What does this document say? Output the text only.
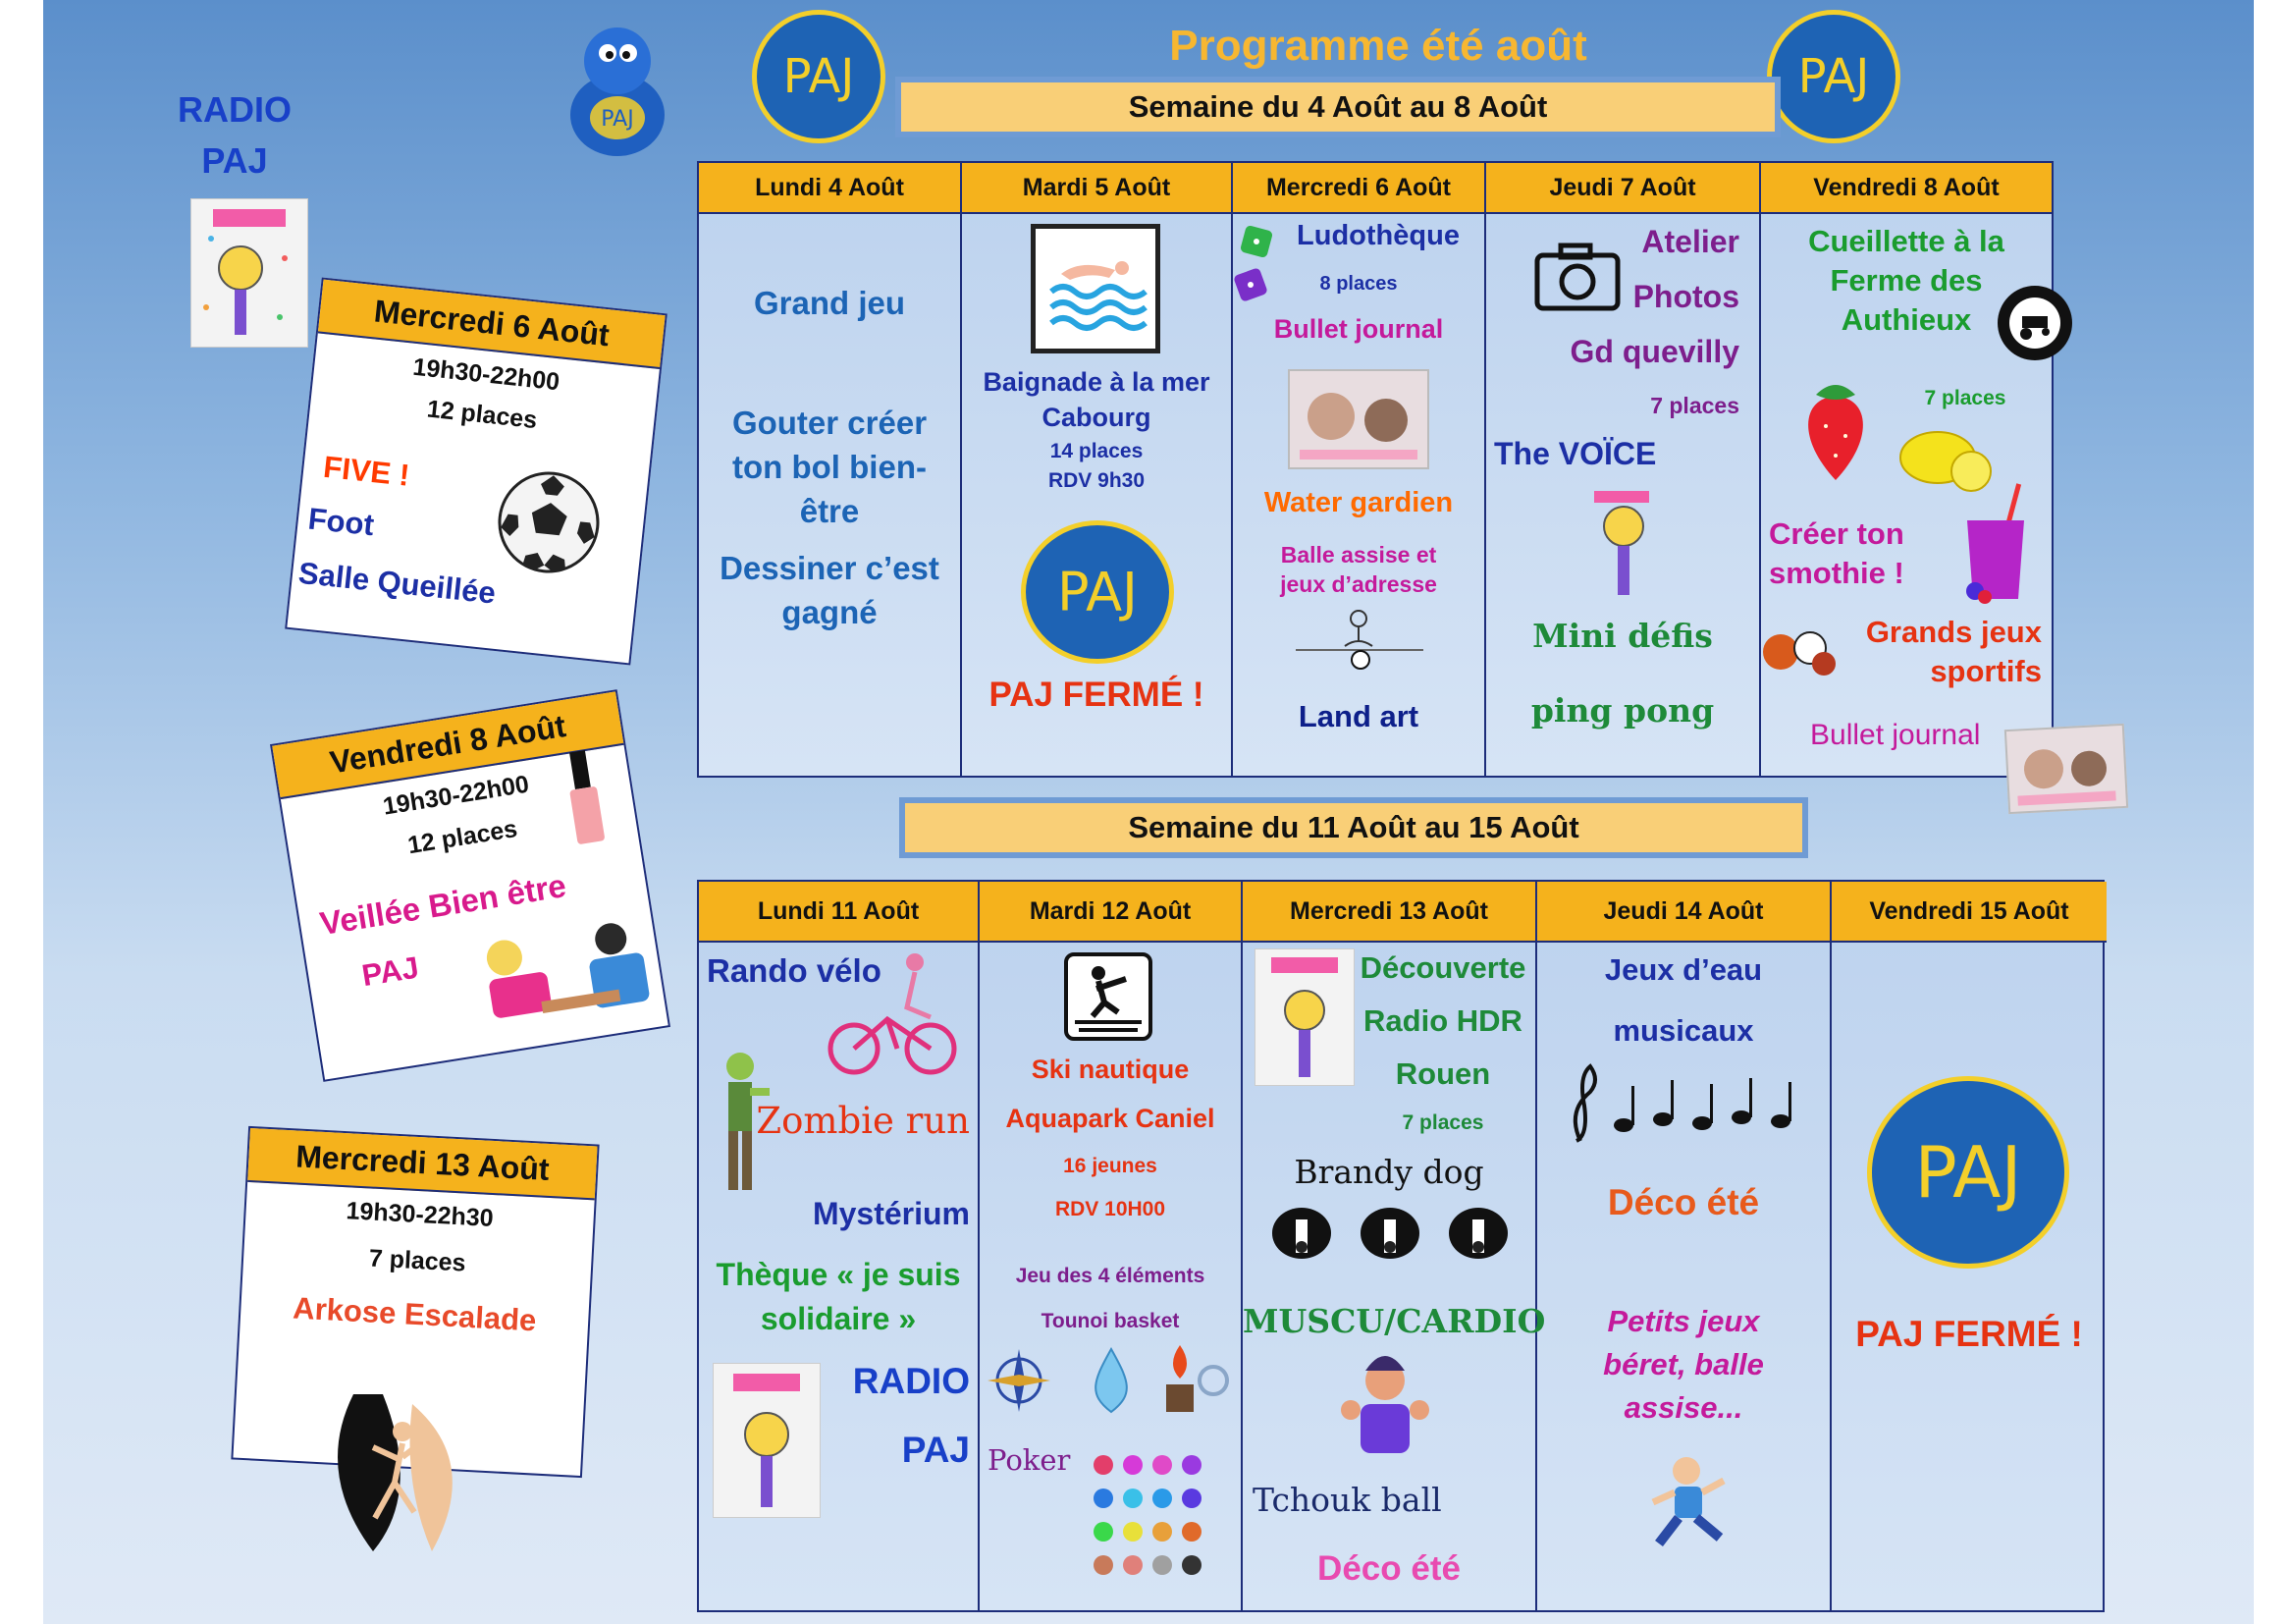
RADIO
PAJ
PAJ
PAJ	PAJ
Programme été août
Semaine du 4 Août au 8 Août
Lundi 4 Août
Grand jeu
Gouter créer ton bol bien-être
Dessiner c’est gagné
Mardi 5 Août
Baignade à la mer
Cabourg
14 places
RDV 9h30
PAJ
PAJ FERMÉ !
Mercredi 6 Août
Ludothèque
8 places
Bullet journal
Water gardien
Balle assise et jeux d’adresse
Land art
Jeudi 7 Août
Atelier
Photos
Gd quevilly
7 places
The VOÏCE
Mini défis
ping pong
Vendredi 8 Août
Cueillette à la Ferme des Authieux
7 places
Créer ton smothie !
Grands jeux sportifs
Bullet journal
Semaine du 11 Août au 15 Août
Lundi 11 Août
Rando vélo
Zombie run
Mystérium
Thèque « je suis solidaire »
RADIO
PAJ
Mardi 12 Août
Ski nautique
Aquapark Caniel
16 jeunes
RDV 10H00
Jeu des 4 éléments
Tounoi basket
Poker
Mercredi 13 Août
Découverte
Radio HDR
Rouen
7 places
Brandy dog
MUSCU/CARDIO
Tchouk ball
Déco été
Jeudi 14 Août
Jeux d’eau
musicaux
Déco été
Petits jeux béret, balle assise...
Vendredi 15 Août
PAJ
PAJ FERMÉ !
Mercredi 6 Août
19h30-22h00
12 places
FIVE !
Foot
Salle Queillée
Vendredi 8 Août
19h30-22h00
12 places
Veillée Bien être
PAJ
Mercredi 13 Août
19h30-22h30
7 places
Arkose Escalade
